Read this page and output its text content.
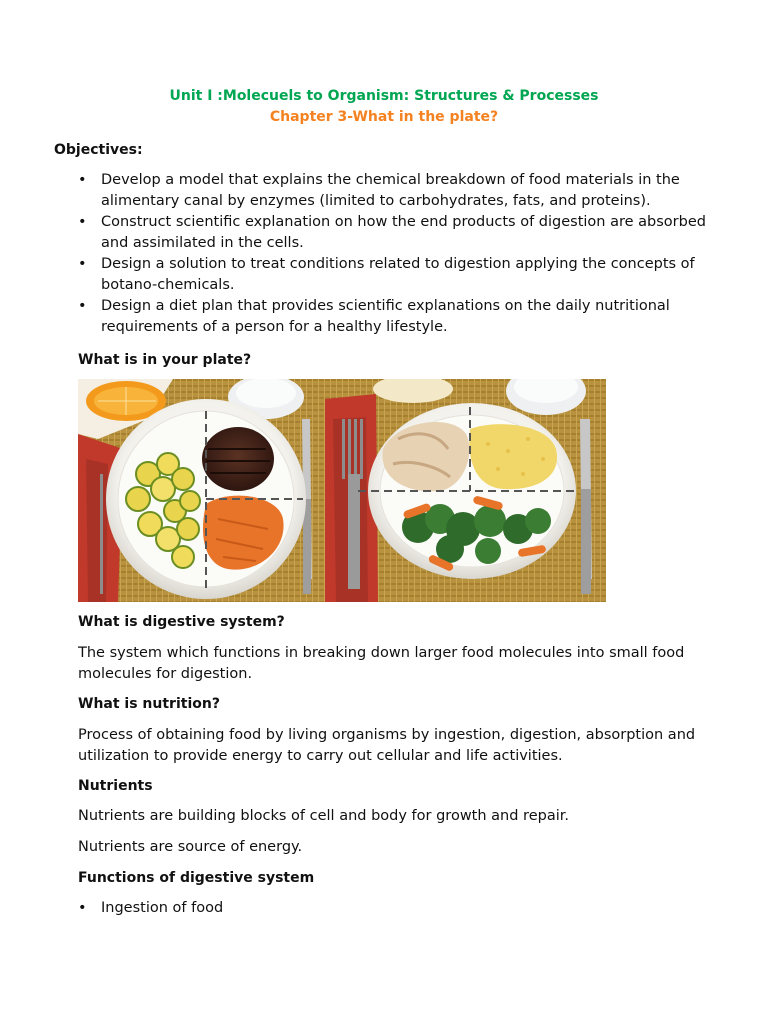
Unit I :Molecuels to Organism: Structures & Processes
Chapter 3-What in the plate?
Objectives:
• Develop a model that explains the chemical breakdown of food materials in the alimentary canal by enzymes (limited to carbohydrates, fats, and proteins).
• Construct scientific explanation on how the end products of digestion are absorbed and assimilated in the cells.
• Design a solution to treat conditions related to digestion applying the concepts of botano-chemicals.
• Design a diet plan that provides scientific explanations on the daily nutritional requirements of a person for a healthy lifestyle.
What is in your plate?
What is digestive system?
The system which functions in breaking down larger food molecules into small food molecules for digestion.
What is nutrition?
Process of obtaining food by living organisms by ingestion, digestion, absorption and utilization to provide energy to carry out cellular and life activities.
Nutrients
Nutrients are building blocks of cell and body for growth and repair.
Nutrients are source of energy.
Functions of digestive system
• Ingestion of food
